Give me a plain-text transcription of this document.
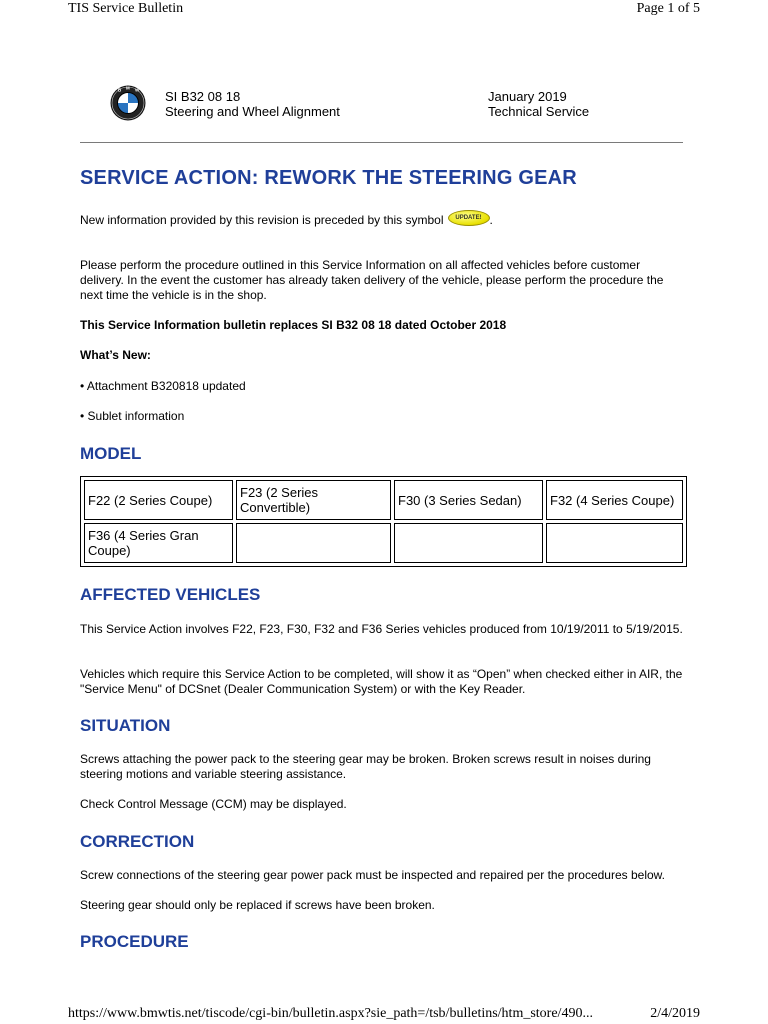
TIS Service Bulletin	Page 1 of 5
B M W SI B32 08 18
Steering and Wheel Alignment
January 2019
Technical Service
SERVICE ACTION: REWORK THE STEERING GEAR
New information provided by this revision is preceded by this symbol UPDATE! .
Please perform the procedure outlined in this Service Information on all affected vehicles before customer delivery. In the event the customer has already taken delivery of the vehicle, please perform the procedure the next time the vehicle is in the shop.
This Service Information bulletin replaces SI B32 08 18 dated October 2018
What’s New:
• Attachment B320818 updated
• Sublet information
MODEL
F22 (2 Series Coupe)	F23 (2 Series Convertible)	F30 (3 Series Sedan)	F32 (4 Series Coupe)
F36 (4 Series Gran Coupe)			
AFFECTED VEHICLES
This Service Action involves F22, F23, F30, F32 and F36 Series vehicles produced from 10/19/2011 to 5/19/2015.
Vehicles which require this Service Action to be completed, will show it as “Open” when checked either in AIR, the "Service Menu" of DCSnet (Dealer Communication System) or with the Key Reader.
SITUATION
Screws attaching the power pack to the steering gear may be broken. Broken screws result in noises during steering motions and variable steering assistance.
Check Control Message (CCM) may be displayed.
CORRECTION
Screw connections of the steering gear power pack must be inspected and repaired per the procedures below.
Steering gear should only be replaced if screws have been broken.
PROCEDURE
https://www.bmwtis.net/tiscode/cgi-bin/bulletin.aspx?sie_path=/tsb/bulletins/htm_store/490...	2/4/2019
